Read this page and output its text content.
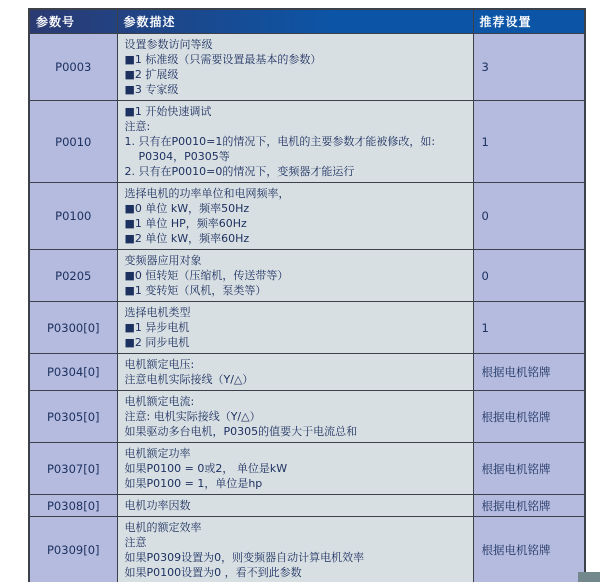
参数号	参数描述	推荐设置
P0003	设置参数访问等级
■1 标准级（只需要设置最基本的参数）
■2 扩展级
■3 专家级	3
P0010	■1 开始快速调试
注意:
1. 只有在P0010=1的情况下，电机的主要参数才能被修改，如:
P0304，P0305等
2. 只有在P0010=0的情况下，变频器才能运行	1
P0100	选择电机的功率单位和电网频率，
■0 单位 kW，频率50Hz
■1 单位 HP，频率60Hz
■2 单位 kW，频率60Hz	0
P0205	变频器应用对象
■0 恒转矩（压缩机，传送带等）
■1 变转矩（风机，泵类等）	0
P0300[0]	选择电机类型
■1 异步电机
■2 同步电机	1
P0304[0]	电机额定电压:
注意电机实际接线（Y/△）	根据电机铭牌
P0305[0]	电机额定电流:
注意: 电机实际接线（Y/△）
如果驱动多台电机，P0305的值要大于电流总和	根据电机铭牌
P0307[0]	电机额定功率
如果P0100 = 0或2， 单位是kW
如果P0100 = 1，单位是hp	根据电机铭牌
P0308[0]	电机功率因数	根据电机铭牌
P0309[0]	电机的额定效率
注意
如果P0309设置为0，则变频器自动计算电机效率
如果P0100设置为0 ，看不到此参数	根据电机铭牌
